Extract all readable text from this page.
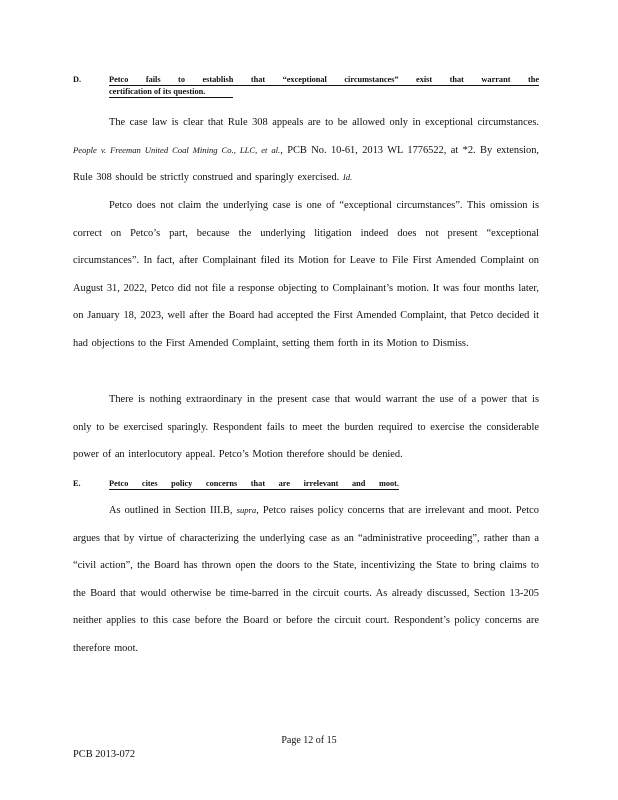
D.	Petco fails to establish that “exceptional circumstances” exist that warrant the
certification of its question.
The case law is clear that Rule 308 appeals are to be allowed only in exceptional circumstances. People v. Freeman United Coal Mining Co., LLC, et al., PCB No. 10-61, 2013 WL 1776522, at *2. By extension, Rule 308 should be strictly construed and sparingly exercised. Id.
Petco does not claim the underlying case is one of “exceptional circumstances”. This omission is correct on Petco’s part, because the underlying litigation indeed does not present “exceptional circumstances”. In fact, after Complainant filed its Motion for Leave to File First Amended Complaint on August 31, 2022, Petco did not file a response objecting to Complainant’s motion. It was four months later, on January 18, 2023, well after the Board had accepted the First Amended Complaint, that Petco decided it had objections to the First Amended Complaint, setting them forth in its Motion to Dismiss.
There is nothing extraordinary in the present case that would warrant the use of a power that is only to be exercised sparingly. Respondent fails to meet the burden required to exercise the considerable power of an interlocutory appeal. Petco’s Motion therefore should be denied.
E.	Petco cites policy concerns that are irrelevant and moot.
As outlined in Section III.B, supra, Petco raises policy concerns that are irrelevant and moot. Petco argues that by virtue of characterizing the underlying case as an “administrative proceeding”, rather than a “civil action”, the Board has thrown open the doors to the State, incentivizing the State to bring claims to the Board that would otherwise be time-barred in the circuit courts. As already discussed, Section 13-205 neither applies to this case before the Board or before the circuit court. Respondent’s policy concerns are therefore moot.
Page 12 of 15
PCB 2013-072
